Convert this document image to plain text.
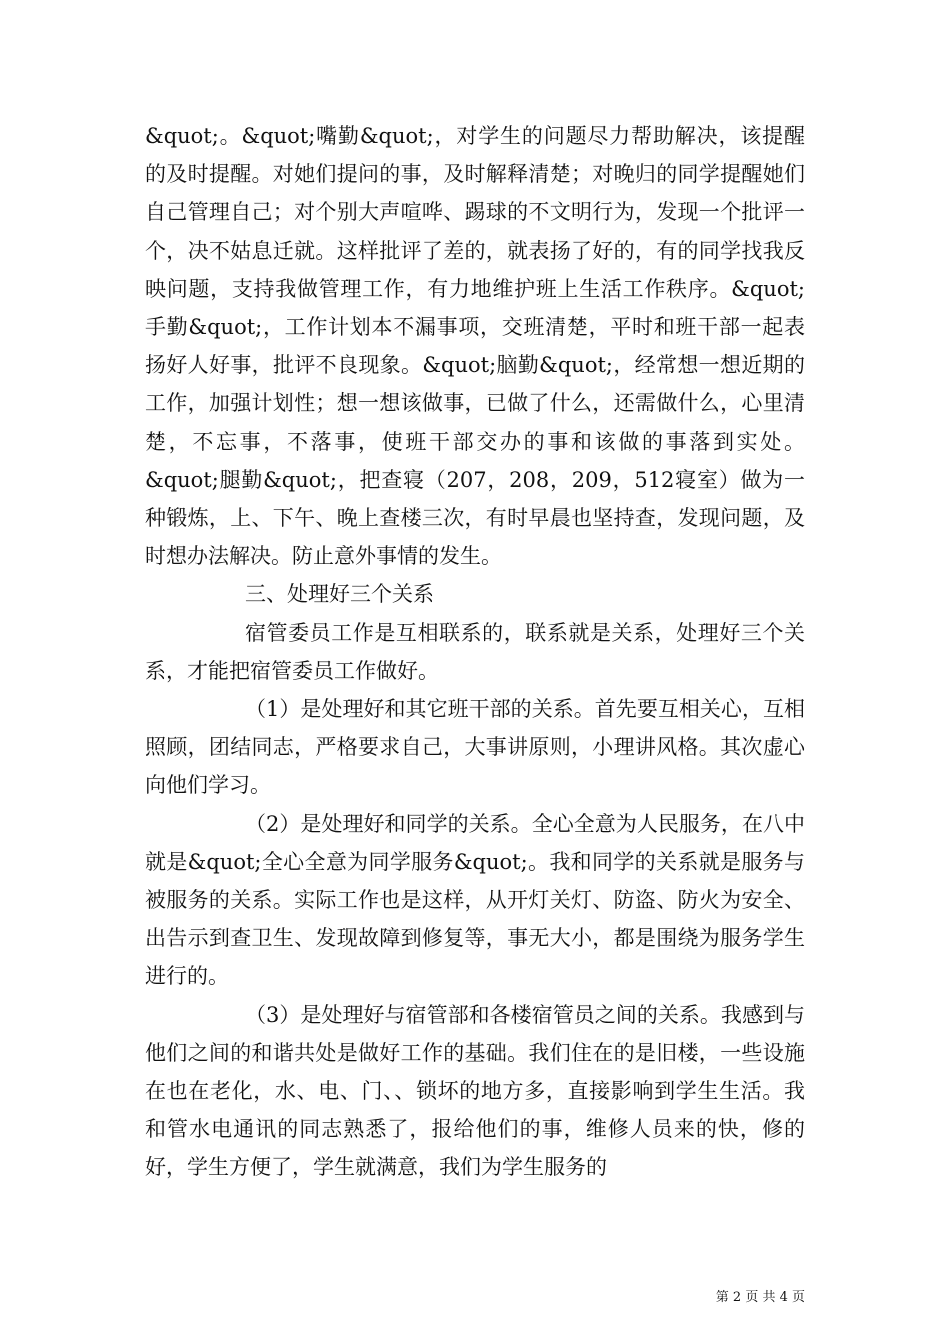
&quot;。&quot;嘴勤&quot;，对学生的问题尽力帮助解决，该提醒的及时提醒。对她们提问的事，及时解释清楚；对晚归的同学提醒她们自己管理自己；对个别大声喧哗、踢球的不文明行为，发现一个批评一个，决不姑息迁就。这样批评了差的，就表扬了好的，有的同学找我反映问题，支持我做管理工作，有力地维护班上生活工作秩序。&quot;手勤&quot;，工作计划本不漏事项，交班清楚，平时和班干部一起表扬好人好事，批评不良现象。&quot;脑勤&quot;，经常想一想近期的工作，加强计划性；想一想该做事，已做了什么，还需做什么，心里清楚，不忘事，不落事，使班干部交办的事和该做的事落到实处。&quot;腿勤&quot;，把查寝（207，208，209，512寝室）做为一种锻炼，上、下午、晚上查楼三次，有时早晨也坚持查，发现问题，及时想办法解决。防止意外事情的发生。

三、处理好三个关系

宿管委员工作是互相联系的，联系就是关系，处理好三个关系，才能把宿管委员工作做好。

（1）是处理好和其它班干部的关系。首先要互相关心，互相照顾，团结同志，严格要求自己，大事讲原则，小理讲风格。其次虚心向他们学习。

（2）是处理好和同学的关系。全心全意为人民服务，在八中就是&quot;全心全意为同学服务&quot;。我和同学的关系就是服务与被服务的关系。实际工作也是这样，从开灯关灯、防盗、防火为安全、出告示到查卫生、发现故障到修复等，事无大小，都是围绕为服务学生进行的。

（3）是处理好与宿管部和各楼宿管员之间的关系。我感到与他们之间的和谐共处是做好工作的基础。我们住在的是旧楼，一些设施在也在老化，水、电、门、、锁坏的地方多，直接影响到学生生活。我和管水电通讯的同志熟悉了，报给他们的事，维修人员来的快，修的好，学生方便了，学生就满意，我们为学生服务的

第 2 页 共 4 页
